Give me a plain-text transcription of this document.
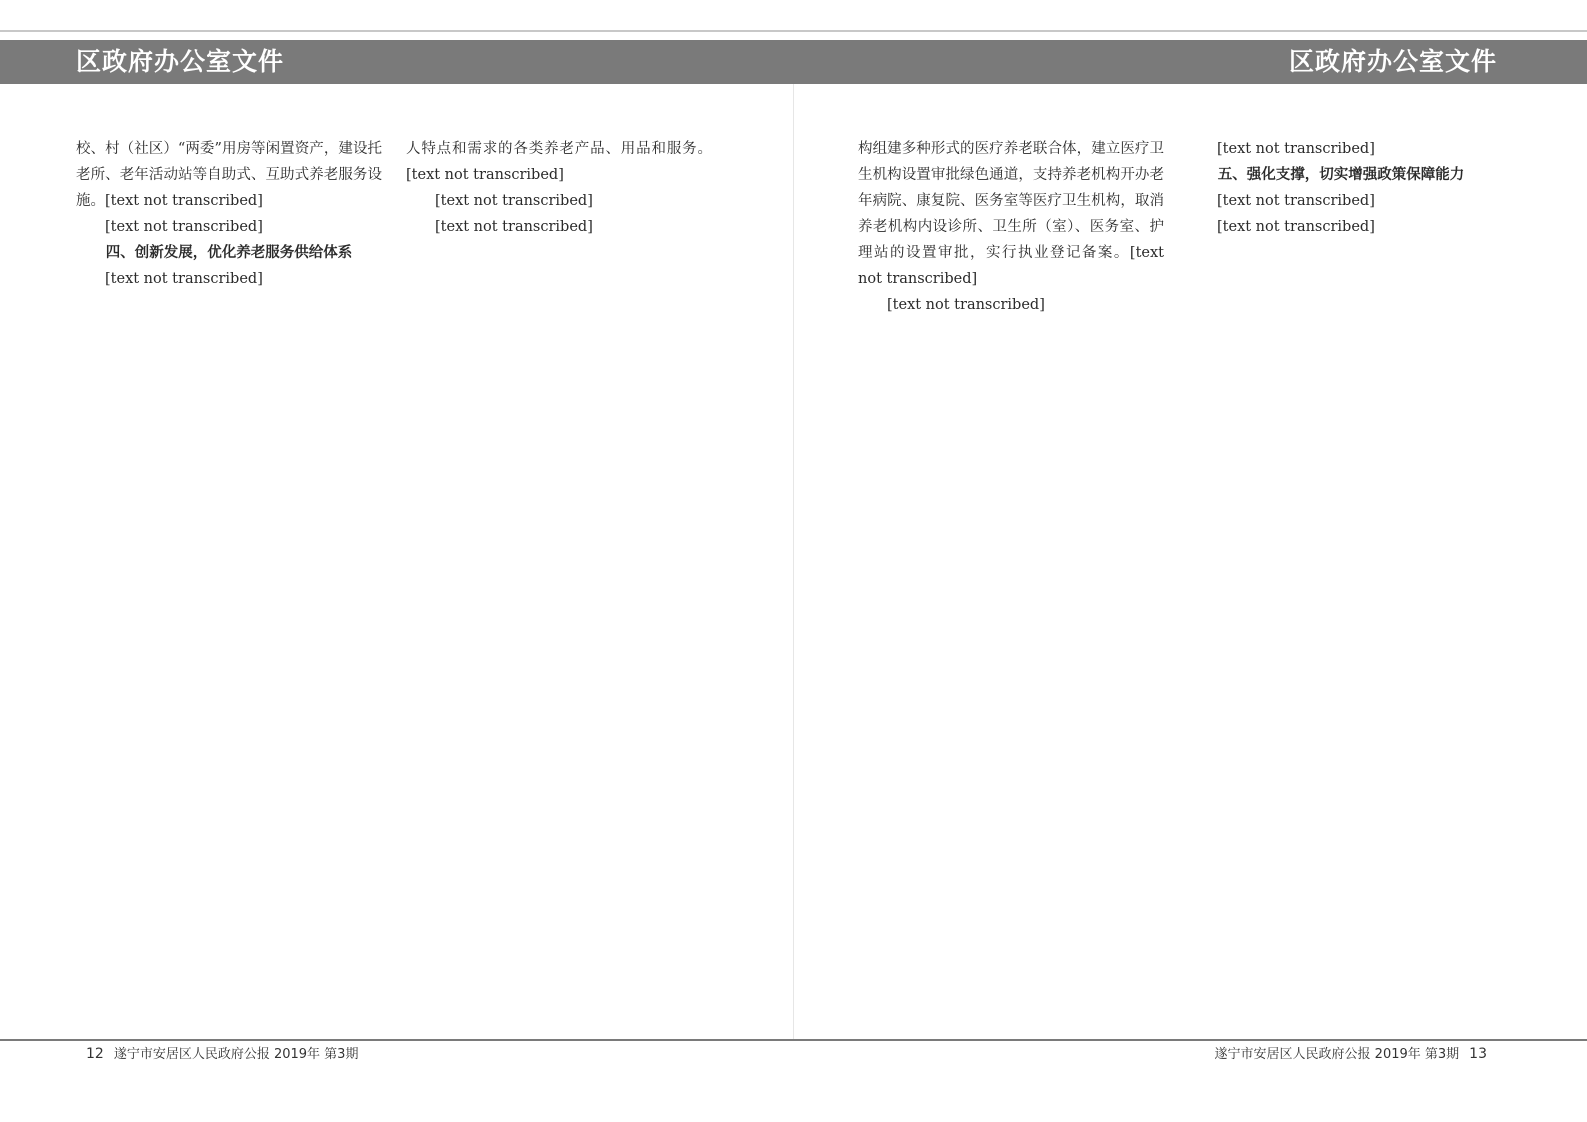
区政府办公室文件	区政府办公室文件

校、村（社区）“两委”用房等闲置资产，建设托老所、老年活动站等自助式、互助式养老服务设施。[text not transcribed]

[text not transcribed]

四、创新发展，优化养老服务供给体系

[text not transcribed]

人特点和需求的各类养老产品、用品和服务。[text not transcribed]

[text not transcribed]

[text not transcribed]

构组建多种形式的医疗养老联合体，建立医疗卫生机构设置审批绿色通道，支持养老机构开办老年病院、康复院、医务室等医疗卫生机构，取消养老机构内设诊所、卫生所（室）、医务室、护理站的设置审批，实行执业登记备案。[text not transcribed]

[text not transcribed]

[text not transcribed]

五、强化支撑，切实增强政策保障能力

[text not transcribed]

[text not transcribed]

12 遂宁市安居区人民政府公报 2019年 第3期	遂宁市安居区人民政府公报 2019年 第3期 13
